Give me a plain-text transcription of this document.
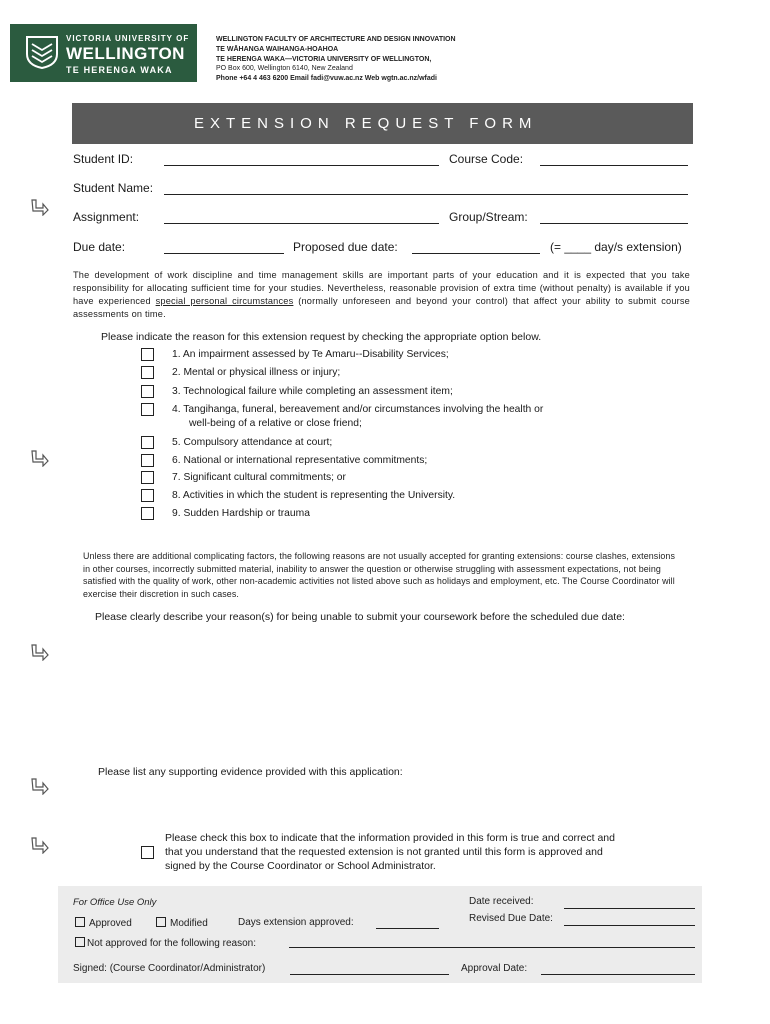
VICTORIA UNIVERSITY OF
WELLINGTON
TE HERENGA WAKA
WELLINGTON FACULTY OF ARCHITECTURE AND DESIGN INNOVATION
TE WĀHANGA WAIHANGA-HOAHOA
TE HERENGA WAKA—VICTORIA UNIVERSITY OF WELLINGTON,
PO Box 600, Wellington 6140, New Zealand
Phone +64 4 463 6200 Email fadi@vuw.ac.nz Web wgtn.ac.nz/wfadi
EXTENSION REQUEST FORM
Student ID:	Course Code:
Student Name:
Assignment:	Group/Stream:
Due date:	Proposed due date:	(= ____ day/s extension)
The development of work discipline and time management skills are important parts of your education and it is expected that you take responsibility for allocating sufficient time for your studies. Nevertheless, reasonable provision of extra time (without penalty) is available if you have experienced special personal circumstances (normally unforeseen and beyond your control) that affect your ability to submit course assessments on time.
Please indicate the reason for this extension request by checking the appropriate option below.
1. An impairment assessed by Te Amaru--Disability Services;
2. Mental or physical illness or injury;
3. Technological failure while completing an assessment item;
4. Tangihanga, funeral, bereavement and/or circumstances involving the health or
well-being of a relative or close friend;
5. Compulsory attendance at court;
6. National or international representative commitments;
7. Significant cultural commitments; or
8. Activities in which the student is representing the University.
9. Sudden Hardship or trauma
Unless there are additional complicating factors, the following reasons are not usually accepted for granting extensions: course clashes, extensions in other courses, incorrectly submitted material, inability to answer the question or otherwise struggling with assessment expectations, not being satisfied with the quality of work, other non-academic activities not listed above such as holidays and employment, etc. The Course Coordinator will exercise their discretion in such cases.
Please clearly describe your reason(s) for being unable to submit your coursework before the scheduled due date:
Please list any supporting evidence provided with this application:
Please check this box to indicate that the information provided in this form is true and correct and
that you understand that the requested extension is not granted until this form is approved and
signed by the Course Coordinator or School Administrator.
For Office Use Only	Date received:
Revised Due Date:
Approved	Modified	Days extension approved:
Not approved for the following reason:
Signed: (Course Coordinator/Administrator)	Approval Date:
